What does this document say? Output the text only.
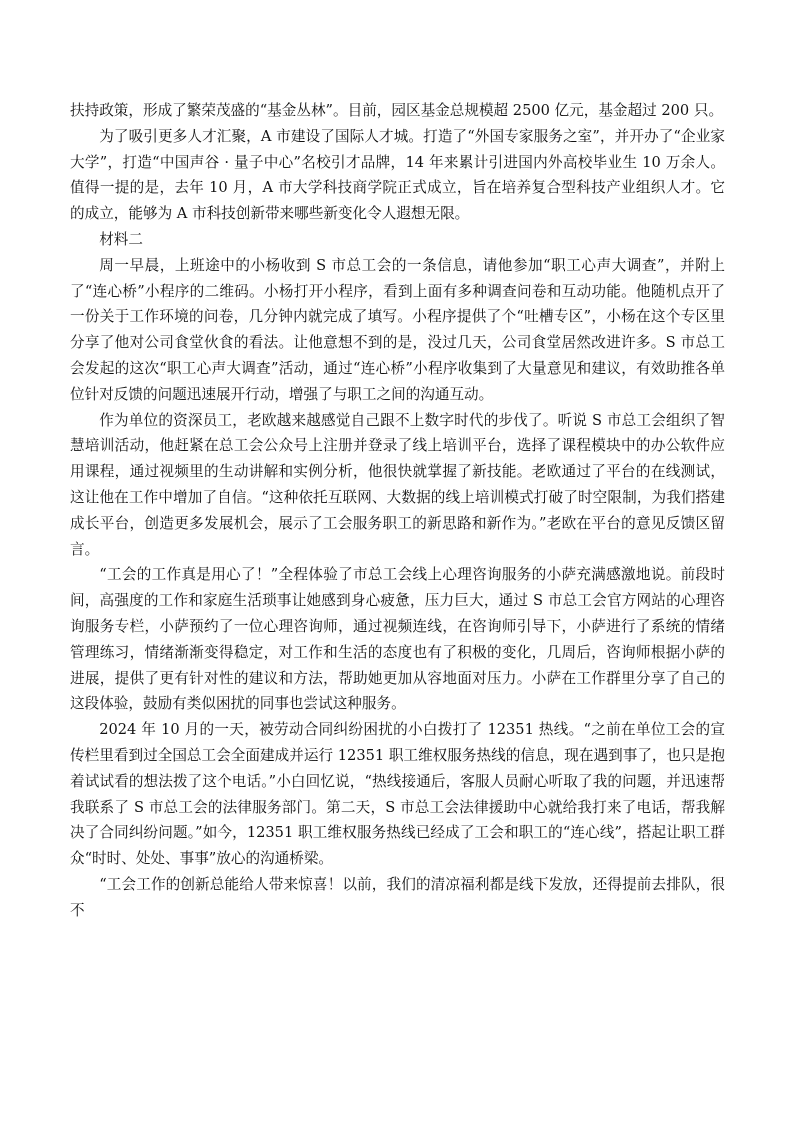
扶持政策，形成了繁荣茂盛的“基金丛林”。目前，园区基金总规模超 2500 亿元，基金超过 200 只。

为了吸引更多人才汇聚，A 市建设了国际人才城。打造了“外国专家服务之室”，并开办了“企业家大学”，打造“中国声谷 · 量子中心”名校引才品牌，14 年来累计引进国内外高校毕业生 10 万余人。值得一提的是，去年 10 月，A 市大学科技商学院正式成立，旨在培养复合型科技产业组织人才。它的成立，能够为 A 市科技创新带来哪些新变化令人遐想无限。

材料二

周一早晨，上班途中的小杨收到 S 市总工会的一条信息，请他参加“职工心声大调查”，并附上了“连心桥”小程序的二维码。小杨打开小程序，看到上面有多种调查问卷和互动功能。他随机点开了一份关于工作环境的问卷，几分钟内就完成了填写。小程序提供了个“吐槽专区”，小杨在这个专区里分享了他对公司食堂伙食的看法。让他意想不到的是，没过几天，公司食堂居然改进许多。S 市总工会发起的这次“职工心声大调查”活动，通过“连心桥”小程序收集到了大量意见和建议，有效助推各单位针对反馈的问题迅速展开行动，增强了与职工之间的沟通互动。

作为单位的资深员工，老欧越来越感觉自己跟不上数字时代的步伐了。听说 S 市总工会组织了智慧培训活动，他赶紧在总工会公众号上注册并登录了线上培训平台，选择了课程模块中的办公软件应用课程，通过视频里的生动讲解和实例分析，他很快就掌握了新技能。老欧通过了平台的在线测试，这让他在工作中增加了自信。“这种依托互联网、大数据的线上培训模式打破了时空限制，为我们搭建成长平台，创造更多发展机会，展示了工会服务职工的新思路和新作为。”老欧在平台的意见反馈区留言。

“工会的工作真是用心了！”全程体验了市总工会线上心理咨询服务的小萨充满感激地说。前段时间，高强度的工作和家庭生活琐事让她感到身心疲惫，压力巨大，通过 S 市总工会官方网站的心理咨询服务专栏，小萨预约了一位心理咨询师，通过视频连线，在咨询师引导下，小萨进行了系统的情绪管理练习，情绪渐渐变得稳定，对工作和生活的态度也有了积极的变化，几周后，咨询师根据小萨的进展，提供了更有针对性的建议和方法，帮助她更加从容地面对压力。小萨在工作群里分享了自己的这段体验，鼓励有类似困扰的同事也尝试这种服务。

2024 年 10 月的一天，被劳动合同纠纷困扰的小白拨打了 12351 热线。“之前在单位工会的宣传栏里看到过全国总工会全面建成并运行 12351 职工维权服务热线的信息，现在遇到事了，也只是抱着试试看的想法拨了这个电话。”小白回忆说，“热线接通后，客服人员耐心听取了我的问题，并迅速帮我联系了 S 市总工会的法律服务部门。第二天，S 市总工会法律援助中心就给我打来了电话，帮我解决了合同纠纷问题。”如今，12351 职工维权服务热线已经成了工会和职工的“连心线”，搭起让职工群众“时时、处处、事事”放心的沟通桥梁。

“工会工作的创新总能给人带来惊喜！以前，我们的清凉福利都是线下发放，还得提前去排队，很不
